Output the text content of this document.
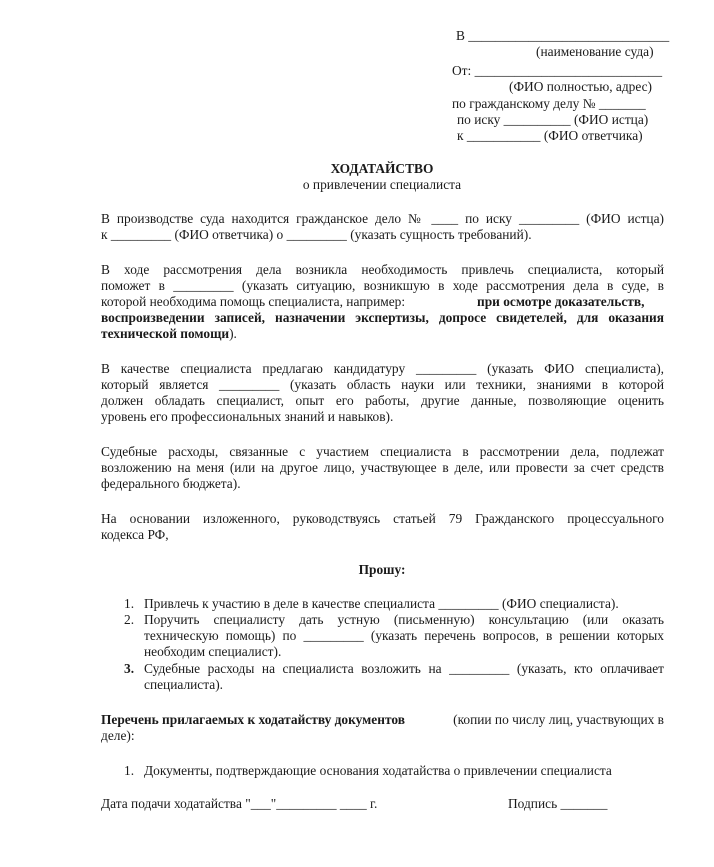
В ______________________________
(наименование суда)
От: ____________________________
(ФИО полностью, адрес)
по гражданскому делу № _______
по иску __________ (ФИО истца)
к ___________ (ФИО ответчика)
ХОДАТАЙСТВО
о привлечении специалиста
В производстве суда находится гражданское дело № ____ по иску _________ (ФИО истца)
к _________ (ФИО ответчика) о _________ (указать сущность требований).
В ходе рассмотрения дела возникла необходимость привлечь специалиста, который
поможет в _________ (указать ситуацию, возникшую в ходе рассмотрения дела в суде, в
которой необходима помощь специалиста, например:	при осмотре доказательств,
воспроизведении записей, назначении экспертизы, допросе свидетелей, для оказания
технической помощи).
В качестве специалиста предлагаю кандидатуру _________ (указать ФИО специалиста),
который является _________ (указать область науки или техники, знаниями в которой
должен обладать специалист, опыт его работы, другие данные, позволяющие оценить
уровень его профессиональных знаний и навыков).
Судебные расходы, связанные с участием специалиста в рассмотрении дела, подлежат
возложению на меня (или на другое лицо, участвующее в деле, или провести за счет средств
федерального бюджета).
На основании изложенного, руководствуясь статьей 79 Гражданского процессуального
кодекса РФ,
Прошу:
1. Привлечь к участию в деле в качестве специалиста _________ (ФИО специалиста).
2. Поручить специалисту дать устную (письменную) консультацию (или оказать
техническую помощь) по _________ (указать перечень вопросов, в решении которых
необходим специалист).
3. Судебные расходы на специалиста возложить на _________ (указать, кто оплачивает
специалиста).
Перечень прилагаемых к ходатайству документов	(копии по числу лиц, участвующих в
деле):
1. Документы, подтверждающие основания ходатайства о привлечении специалиста
Дата подачи ходатайства "___"_________ ____ г.	Подпись _______
